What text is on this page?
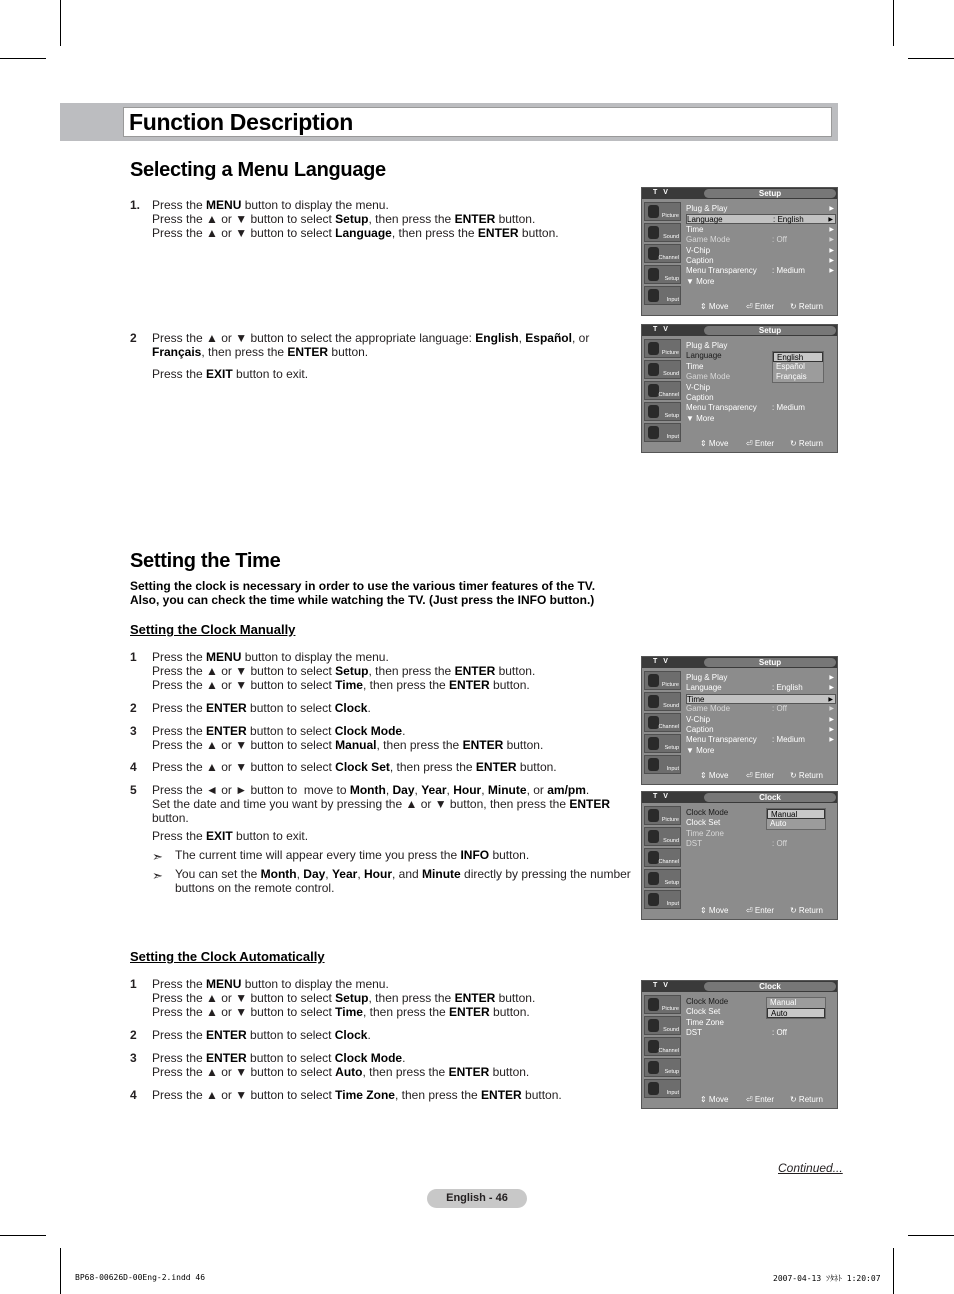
Function Description
Selecting a Menu Language
1. Press the MENU button to display the menu.
Press the ▲ or ▼ button to select Setup, then press the ENTER button.
Press the ▲ or ▼ button to select Language, then press the ENTER button.
2 Press the ▲ or ▼ button to select the appropriate language: English, Español, or
Français, then press the ENTER button.
Press the EXIT button to exit.
Setting the Time
Setting the clock is necessary in order to use the various timer features of the TV.
Also, you can check the time while watching the TV. (Just press the INFO button.)
Setting the Clock Manually
1 Press the MENU button to display the menu.
Press the ▲ or ▼ button to select Setup, then press the ENTER button.
Press the ▲ or ▼ button to select Time, then press the ENTER button.
2 Press the ENTER button to select Clock.
3 Press the ENTER button to select Clock Mode.
Press the ▲ or ▼ button to select Manual, then press the ENTER button.
4 Press the ▲ or ▼ button to select Clock Set, then press the ENTER button.
5 Press the ◄ or ► button to  move to Month, Day, Year, Hour, Minute, or am/pm.
Set the date and time you want by pressing the ▲ or ▼ button, then press the ENTER
button.
Press the EXIT button to exit.
➣ The current time will appear every time you press the INFO button.
➣ You can set the Month, Day, Year, Hour, and Minute directly by pressing the number
buttons on the remote control.
Setting the Clock Automatically
1 Press the MENU button to display the menu.
Press the ▲ or ▼ button to select Setup, then press the ENTER button.
Press the ▲ or ▼ button to select Time, then press the ENTER button.
2 Press the ENTER button to select Clock.
3 Press the ENTER button to select Clock Mode.
Press the ▲ or ▼ button to select Auto, then press the ENTER button.
4 Press the ▲ or ▼ button to select Time Zone, then press the ENTER button.
T V	Setup
Picture
Sound
Channel
Setup
Input
Plug & Play	▶
Language	: English	▶
Time	▶
Game Mode	: Off	▶
V-Chip	▶
Caption	▶
Menu Transparency : Medium	▶
▼ More
⇕ Move ⏎ Enter ↻ Return
T V	Setup
Picture
Sound
Channel
Setup
Input
Plug & Play
Language
Time
Game Mode
V-Chip
Caption
Menu Transparency : Medium
▼ More
English
Español
Français
⇕ Move ⏎ Enter ↻ Return
T V	Setup
Picture
Sound
Channel
Setup
Input
Plug & Play	▶
Language	: English	▶
Time	▶
Game Mode	: Off	▶
V-Chip	▶
Caption	▶
Menu Transparency : Medium	▶
▼ More
⇕ Move ⏎ Enter ↻ Return
T V	Clock
Picture
Sound
Channel
Setup
Input
Clock Mode
Clock Set
Time Zone
DST	: Off
Manual
Auto
⇕ Move ⏎ Enter ↻ Return
T V	Clock
Picture
Sound
Channel
Setup
Input
Clock Mode
Clock Set
Time Zone
DST	: Off
Manual
Auto
⇕ Move ⏎ Enter ↻ Return
Continued...
English - 46
BP68-00626D-00Eng-2.indd 46	2007-04-13 ｿﾀﾈﾄ 1:20:07
